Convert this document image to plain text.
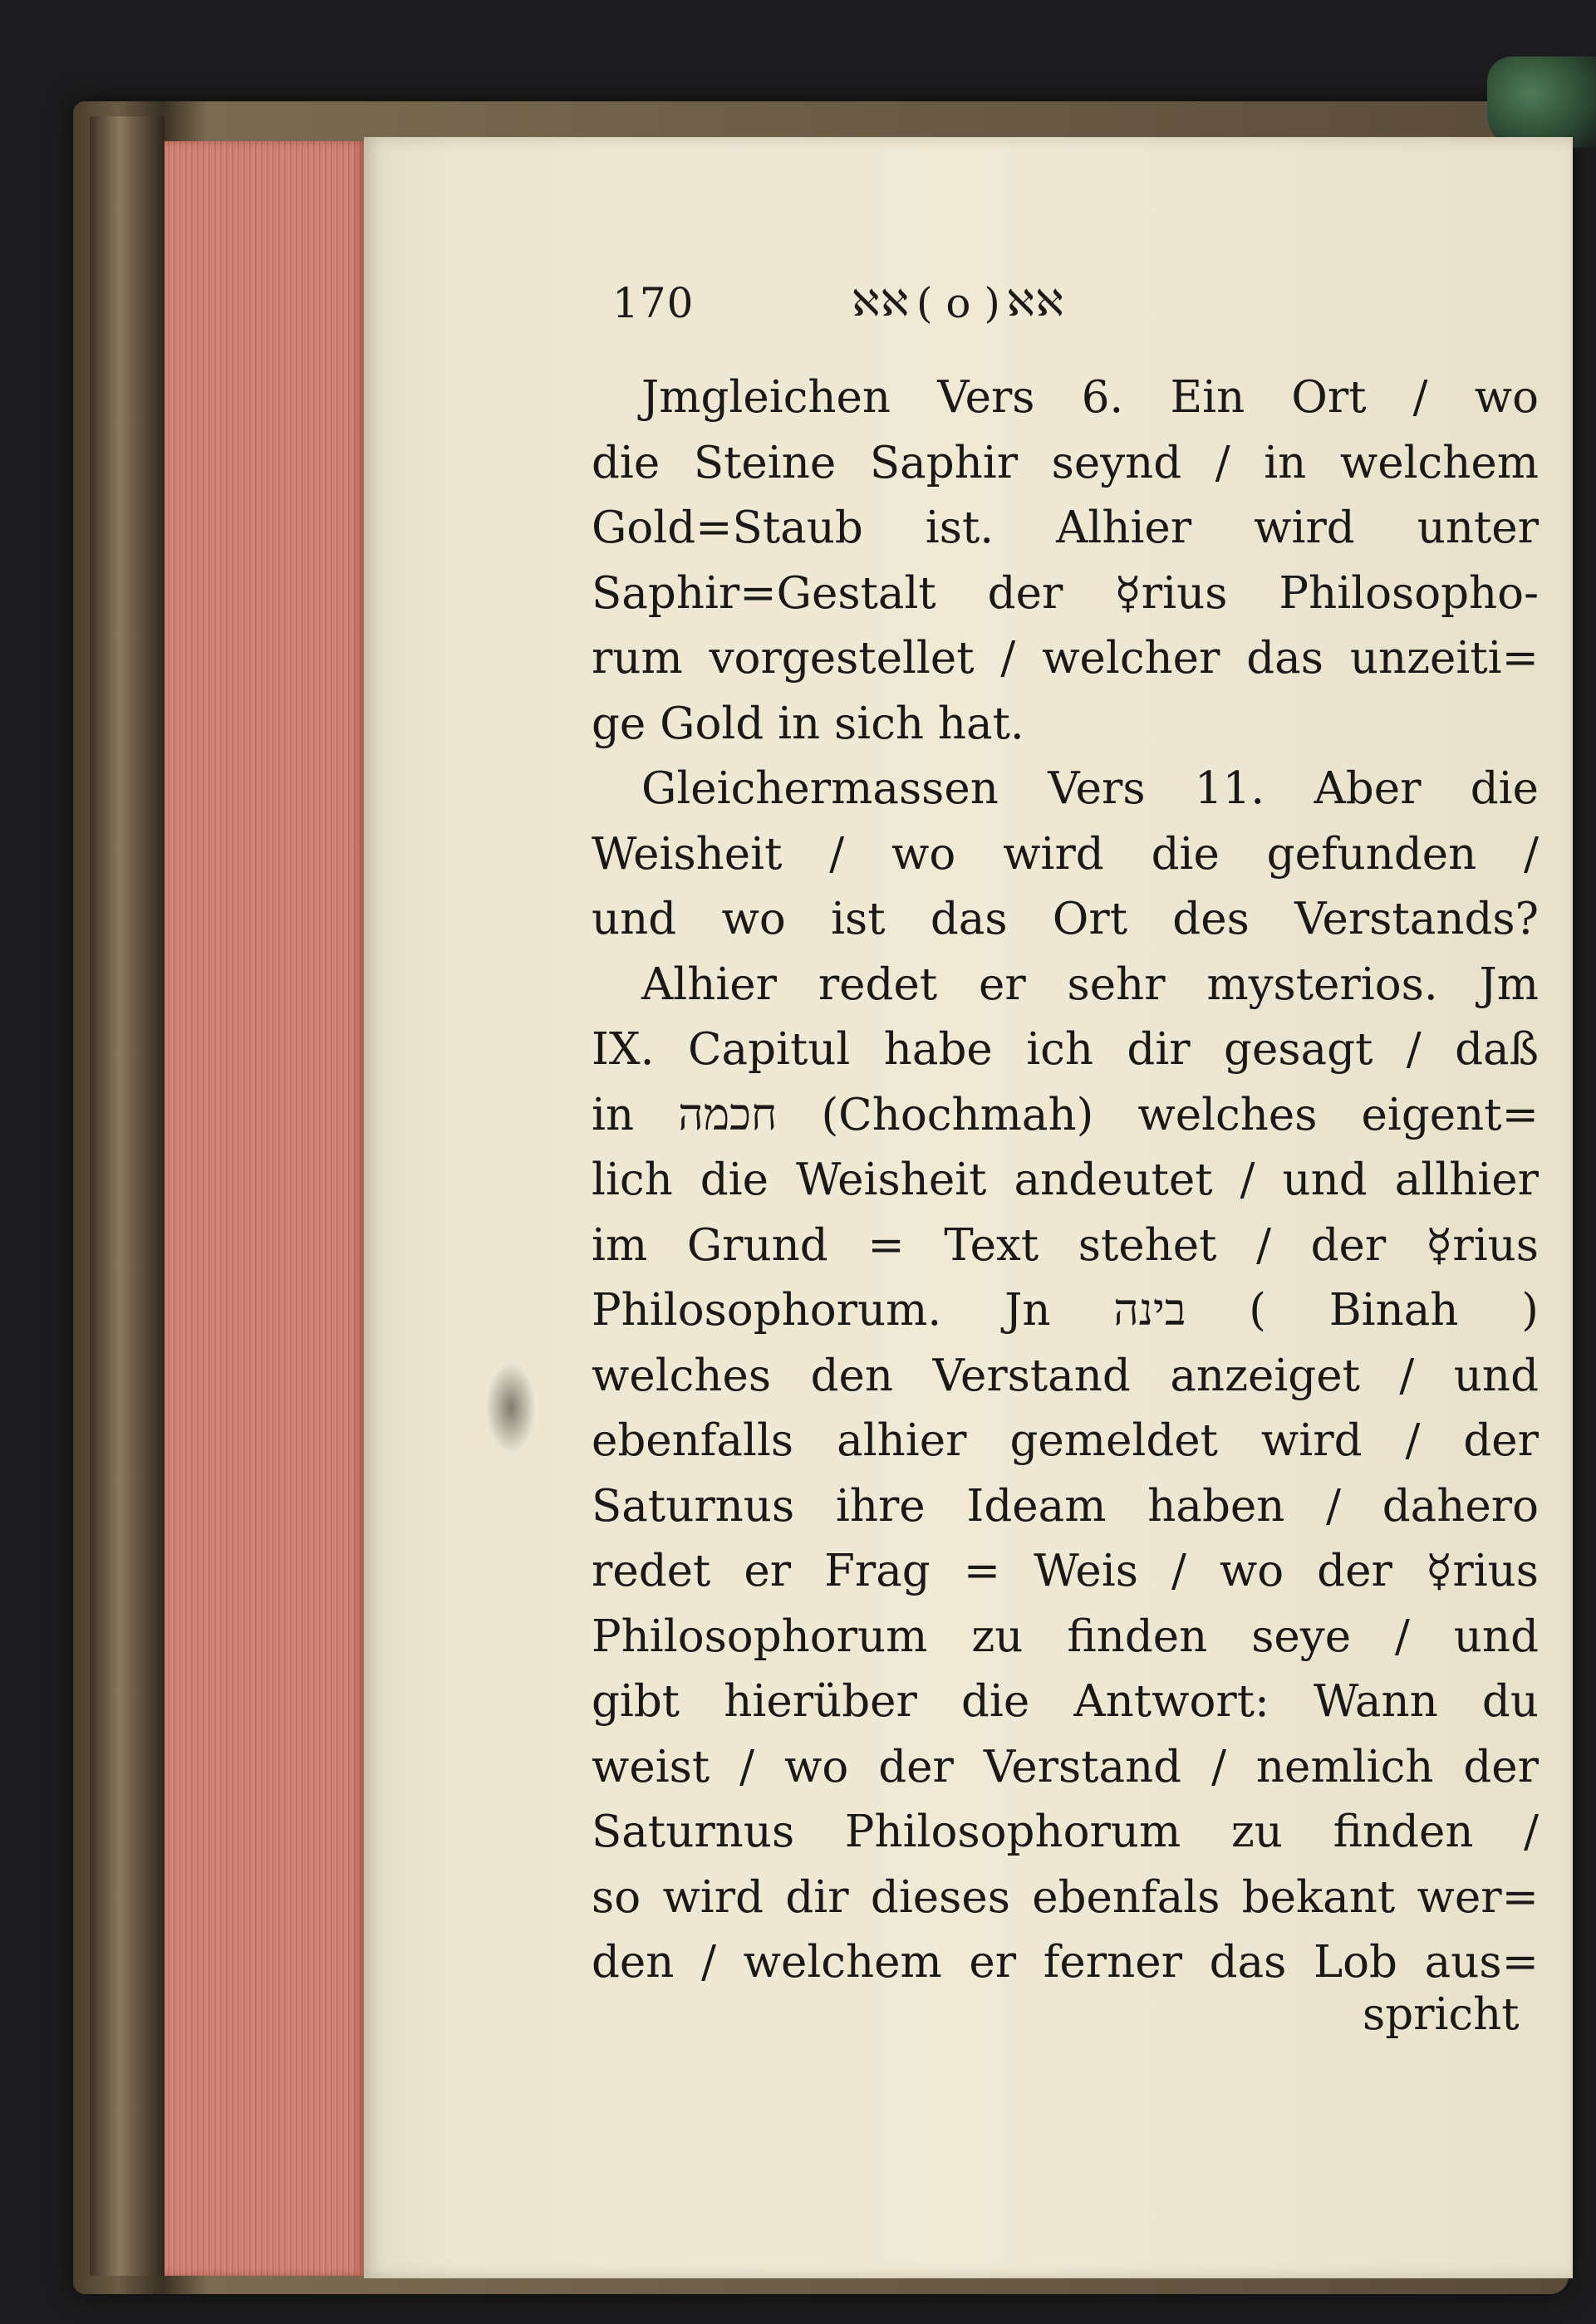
170	ℵℵ ( o ) ℵℵ
Jmgleichen Vers 6. Ein Ort / wo
die Steine Saphir seynd / in welchem
Gold=Staub ist. Alhier wird unter
Saphir=Gestalt der ☿rius Philosopho-
rum vorgestellet / welcher das unzeiti=
ge Gold in sich hat.
Gleichermassen Vers 11. Aber die
Weisheit / wo wird die gefunden /
und wo ist das Ort des Verstands?
Alhier redet er sehr mysterios. Jm
IX. Capitul habe ich dir gesagt / daß
in חכמה (Chochmah) welches eigent=
lich die Weisheit andeutet / und allhier
im Grund = Text stehet / der ☿rius
Philosophorum. Jn בינה ( Binah )
welches den Verstand anzeiget / und
ebenfalls alhier gemeldet wird / der
Saturnus ihre Ideam haben / dahero
redet er Frag = Weis / wo der ☿rius
Philosophorum zu finden seye / und
gibt hierüber die Antwort: Wann du
weist / wo der Verstand / nemlich der
Saturnus Philosophorum zu finden /
so wird dir dieses ebenfals bekant wer=
den / welchem er ferner das Lob aus=
spricht
